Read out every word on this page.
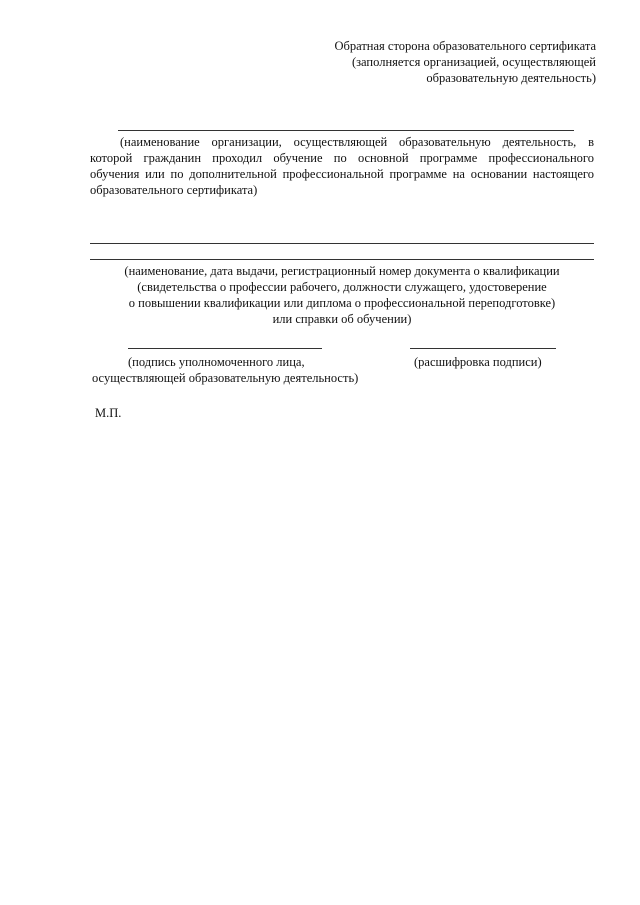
Обратная сторона образовательного сертификата
(заполняется организацией, осуществляющей
образовательную деятельность)
(наименование организации, осуществляющей образовательную деятельность, в
которой гражданин проходил обучение по основной программе профессионального
обучения или по дополнительной профессиональной программе на основании настоящего
образовательного сертификата)
(наименование, дата выдачи, регистрационный номер документа о квалификации
(свидетельства о профессии рабочего, должности служащего, удостоверение
о повышении квалификации или диплома о профессиональной переподготовке)
или справки об обучении)
(подпись уполномоченного лица,
осуществляющей образовательную деятельность)
(расшифровка подписи)
М.П.
